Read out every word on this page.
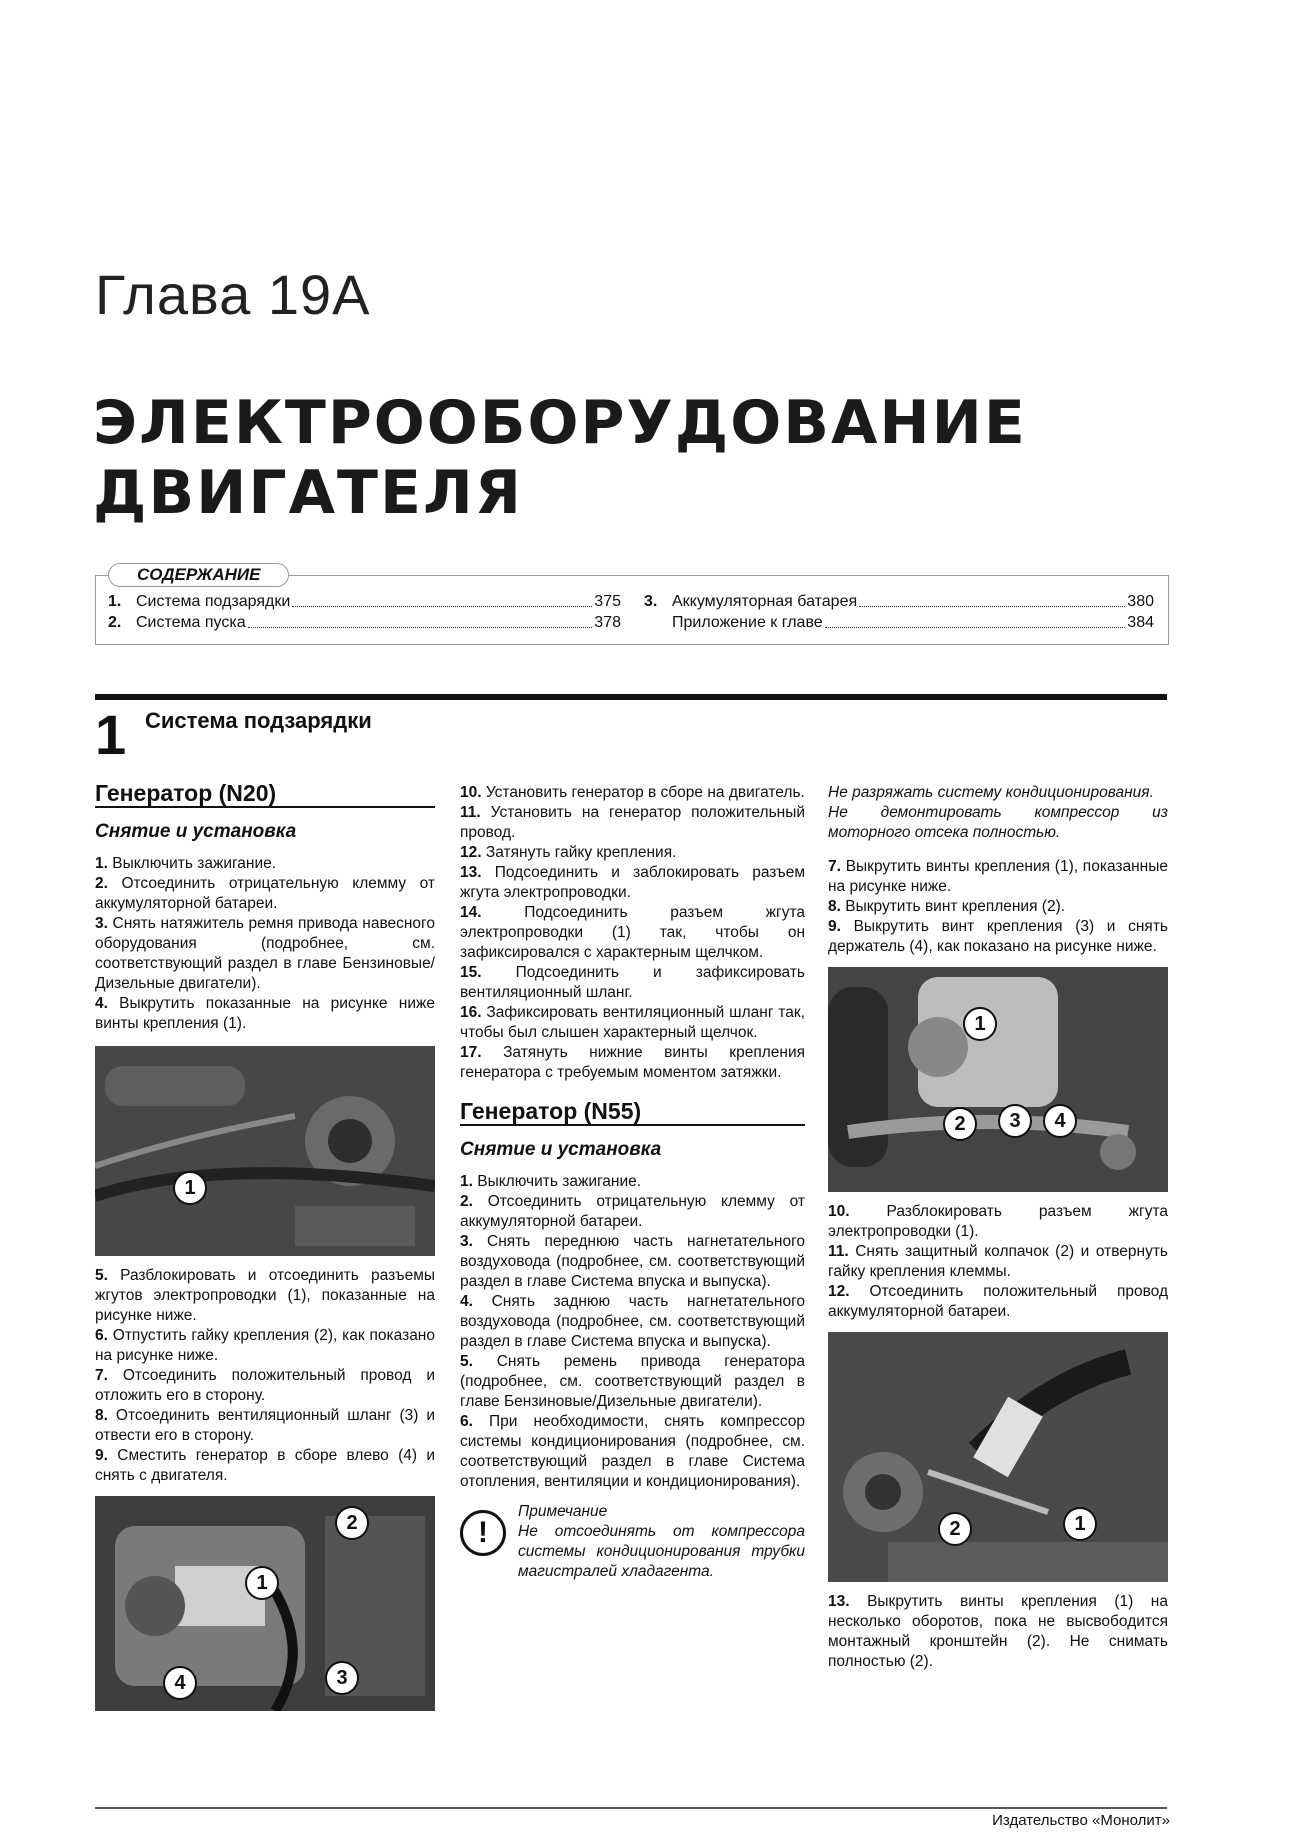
Глава 19А
ЭЛЕКТРООБОРУДОВАНИЕ
ДВИГАТЕЛЯ
СОДЕРЖАНИЕ
1. Система подзарядки	375
2. Система пуска	378
3. Аккумуляторная батарея	380
Приложение к главе	384
1 Система подзарядки
Генератор (N20)
Снятие и установка

1. Выключить зажигание.

2. Отсоединить отрицательную клемму от аккумуляторной батареи.

3. Снять натяжитель ремня привода навесного оборудования (подробнее, см. соответствующий раздел в главе Бензиновые/Дизельные двигатели).

4. Выкрутить показанные на рисунке ниже винты крепления (1).

1

5. Разблокировать и отсоединить разъемы жгутов электропроводки (1), показанные на рисунке ниже.

6. Отпустить гайку крепления (2), как показано на рисунке ниже.

7. Отсоединить положительный провод и отложить его в сторону.

8. Отсоединить вентиляционный шланг (3) и отвести его в сторону.

9. Сместить генератор в сборе влево (4) и снять с двигателя.

2
1
4	3

10. Установить генератор в сборе на двигатель.

11. Установить на генератор положительный провод.

12. Затянуть гайку крепления.

13. Подсоединить и заблокировать разъем жгута электропроводки.

14. Подсоединить разъем жгута электропроводки (1) так, чтобы он зафиксировался с характерным щелчком.

15. Подсоединить и зафиксировать вентиляционный шланг.

16. Зафиксировать вентиляционный шланг так, чтобы был слышен характерный щелчок.

17. Затянуть нижние винты крепления генератора с требуемым моментом затяжки.

Генератор (N55)
Снятие и установка

1. Выключить зажигание.

2. Отсоединить отрицательную клемму от аккумуляторной батареи.

3. Снять переднюю часть нагнетательного воздуховода (подробнее, см. соответствующий раздел в главе Система впуска и выпуска).

4. Снять заднюю часть нагнетательного воздуховода (подробнее, см. соответствующий раздел в главе Система впуска и выпуска).

5. Снять ремень привода генератора (подробнее, см. соответствующий раздел в главе Бензиновые/Дизельные двигатели).

6. При необходимости, снять компрессор системы кондиционирования (подробнее, см. соответствующий раздел в главе Система отопления, вентиляции и кондиционирования).

!
Примечание
Не отсоединять от компрессора системы кондиционирования трубки магистралей хладагента.

Не разряжать систему кондиционирования.

Не демонтировать компрессор из моторного отсека полностью.

7. Выкрутить винты крепления (1), показанные на рисунке ниже.

8. Выкрутить винт крепления (2).

9. Выкрутить винт крепления (3) и снять держатель (4), как показано на рисунке ниже.

1
2	3	4

10. Разблокировать разъем жгута электропроводки (1).

11. Снять защитный колпачок (2) и отвернуть гайку крепления клеммы.

12. Отсоединить положительный провод аккумуляторной батареи.

2	1

13. Выкрутить винты крепления (1) на несколько оборотов, пока не высвободится монтажный кронштейн (2). Не снимать полностью (2).

Издательство «Монолит»
